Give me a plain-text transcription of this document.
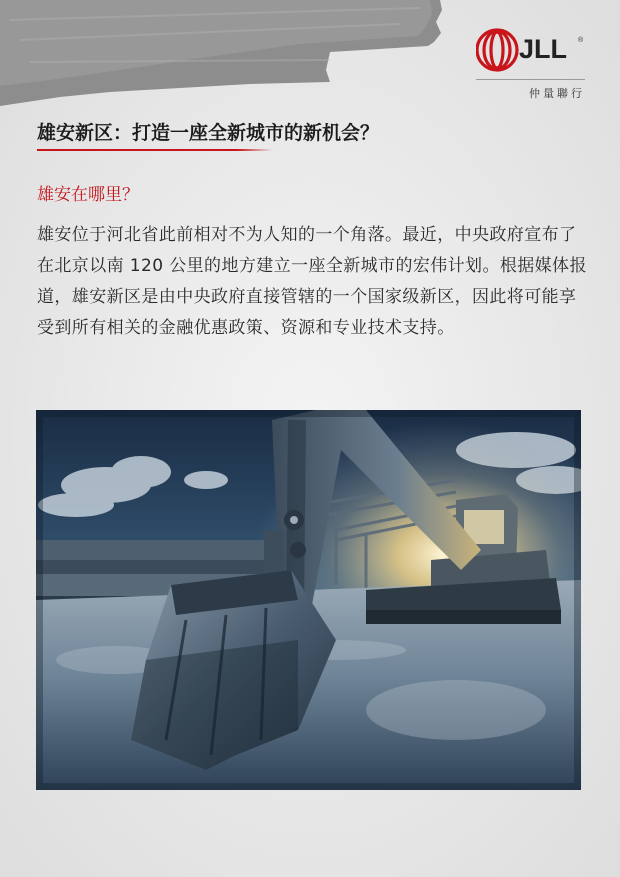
JLL ®
仲量聯行
雄安新区：打造一座全新城市的新机会？
雄安在哪里？

雄安位于河北省此前相对不为人知的一个角落。最近，中央政府宣布了在北京以南 120 公里的地方建立一座全新城市的宏伟计划。根据媒体报道，雄安新区是由中央政府直接管辖的一个国家级新区，因此将可能享受到所有相关的金融优惠政策、资源和专业技术支持。
